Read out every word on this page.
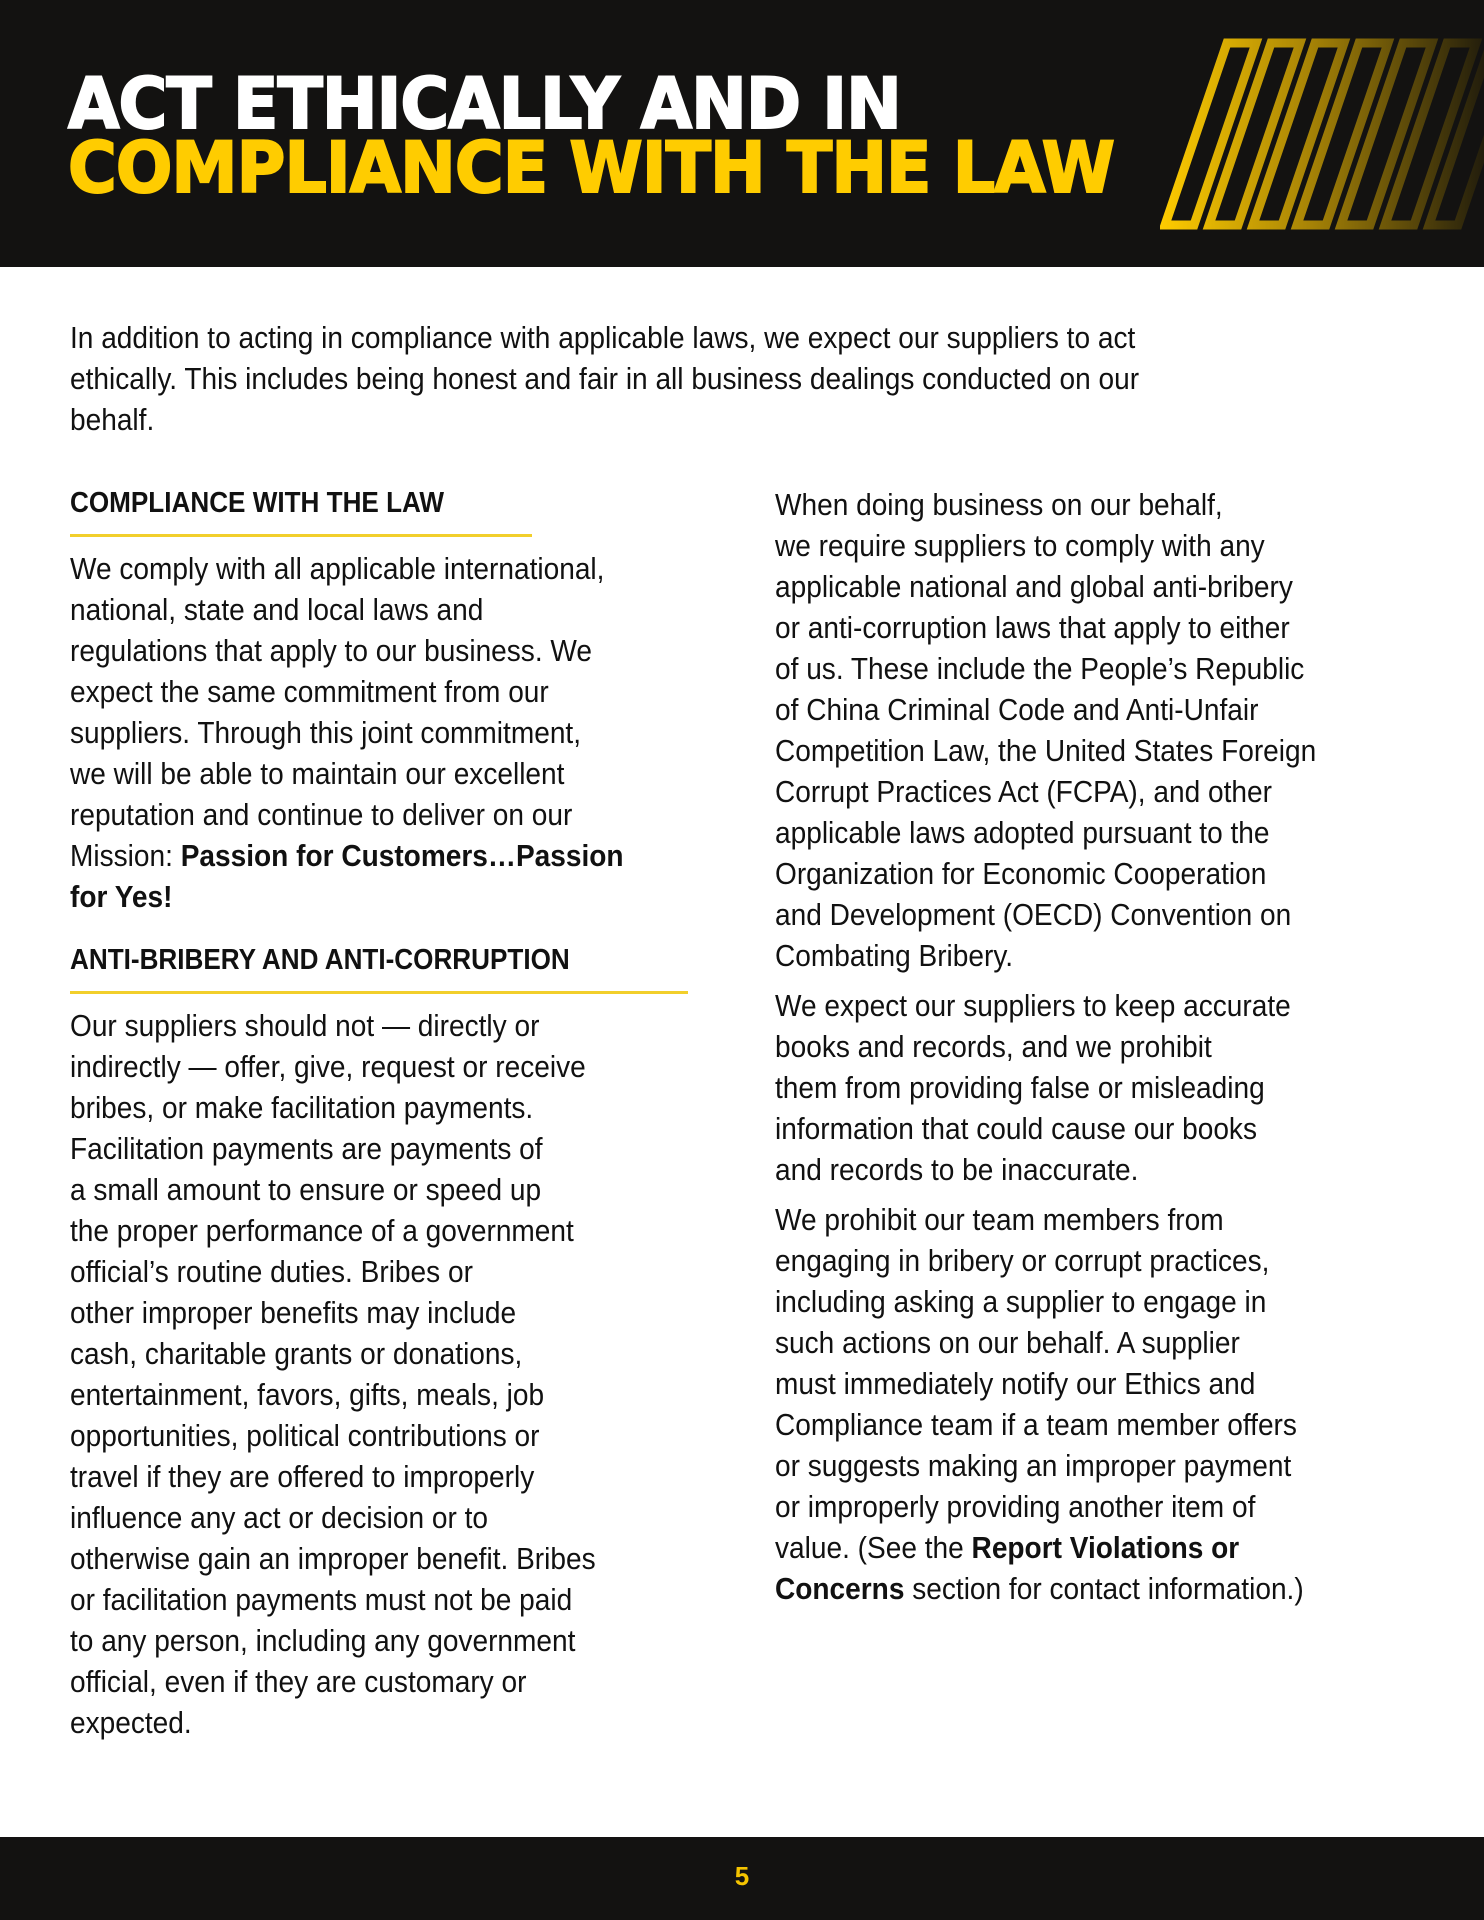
ACT ETHICALLY AND IN
COMPLIANCE WITH THE LAW
In addition to acting in compliance with applicable laws, we expect our suppliers to act
ethically. This includes being honest and fair in all business dealings conducted on our
behalf.
COMPLIANCE WITH THE LAW
We comply with all applicable international,
national, state and local laws and
regulations that apply to our business. We
expect the same commitment from our
suppliers. Through this joint commitment,
we will be able to maintain our excellent
reputation and continue to deliver on our
Mission: Passion for Customers…Passion
for Yes!
ANTI-BRIBERY AND ANTI-CORRUPTION
Our suppliers should not — directly or
indirectly — offer, give, request or receive
bribes, or make facilitation payments.
Facilitation payments are payments of
a small amount to ensure or speed up
the proper performance of a government
official’s routine duties. Bribes or
other improper benefits may include
cash, charitable grants or donations,
entertainment, favors, gifts, meals, job
opportunities, political contributions or
travel if they are offered to improperly
influence any act or decision or to
otherwise gain an improper benefit. Bribes
or facilitation payments must not be paid
to any person, including any government
official, even if they are customary or
expected.
When doing business on our behalf,
we require suppliers to comply with any
applicable national and global anti-bribery
or anti-corruption laws that apply to either
of us. These include the People’s Republic
of China Criminal Code and Anti-Unfair
Competition Law, the United States Foreign
Corrupt Practices Act (FCPA), and other
applicable laws adopted pursuant to the
Organization for Economic Cooperation
and Development (OECD) Convention on
Combating Bribery.
We expect our suppliers to keep accurate
books and records, and we prohibit
them from providing false or misleading
information that could cause our books
and records to be inaccurate.
We prohibit our team members from
engaging in bribery or corrupt practices,
including asking a supplier to engage in
such actions on our behalf. A supplier
must immediately notify our Ethics and
Compliance team if a team member offers
or suggests making an improper payment
or improperly providing another item of
value. (See the Report Violations or
Concerns section for contact information.)
5
